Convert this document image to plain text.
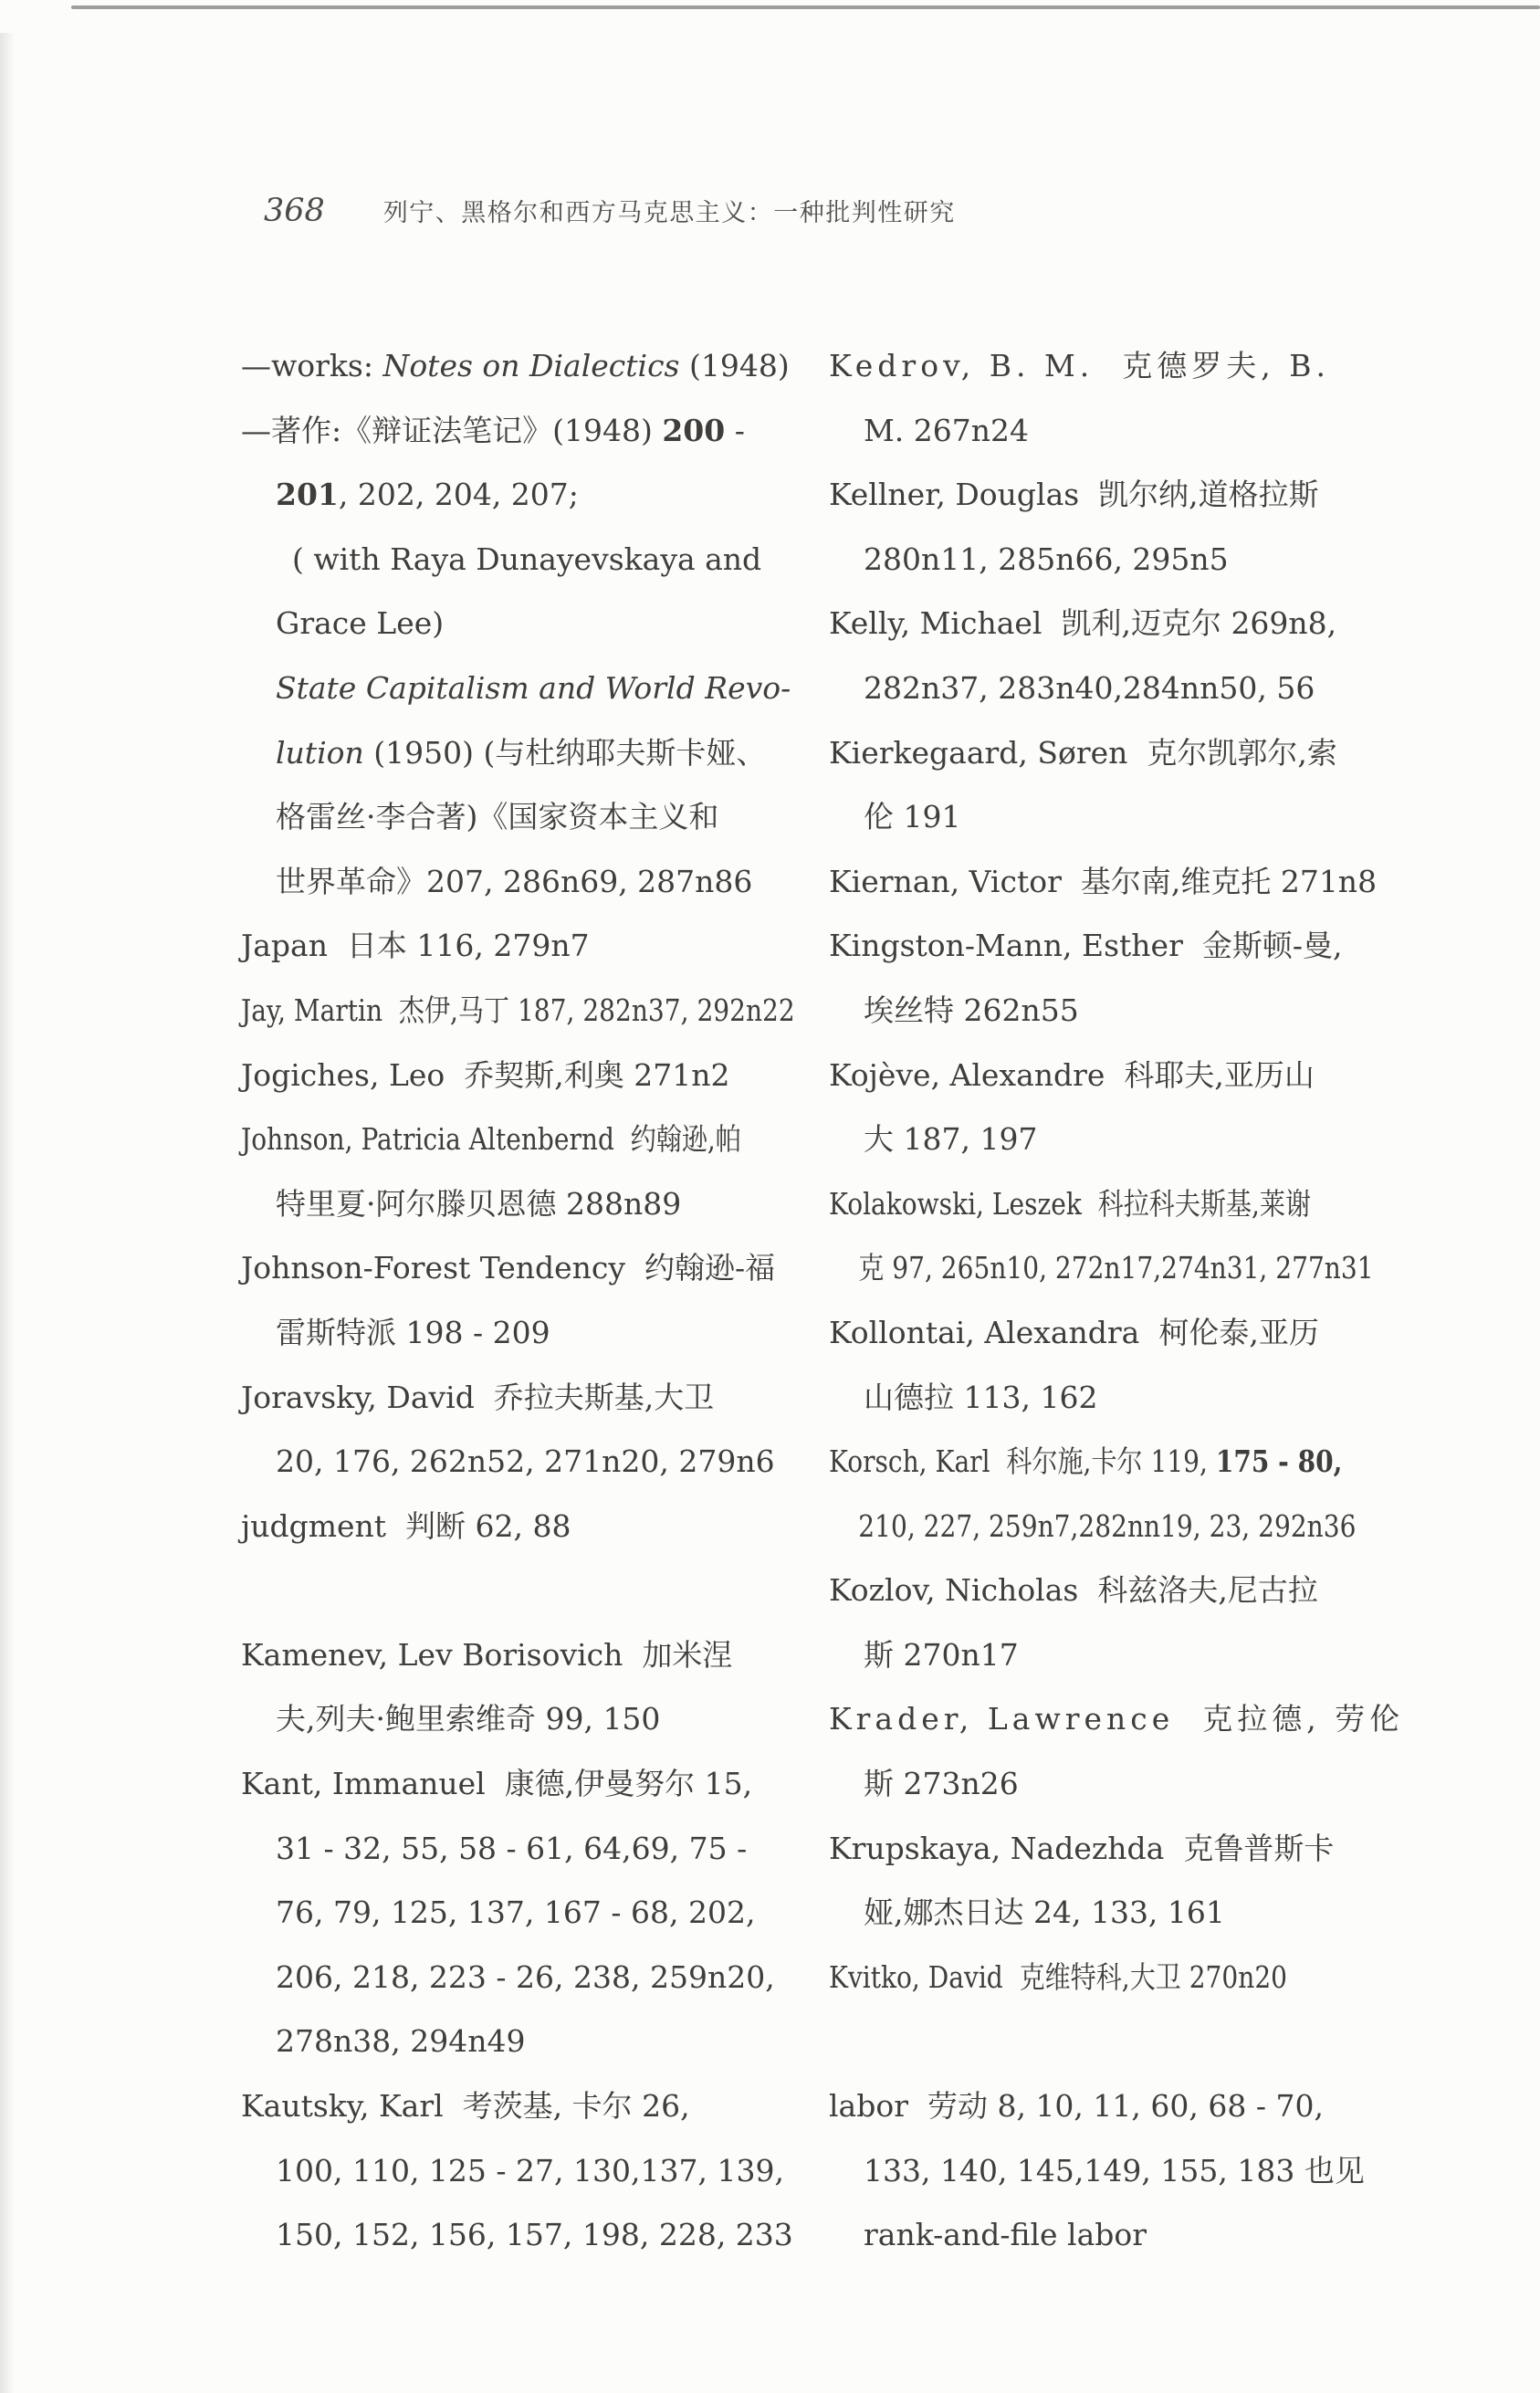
368 列宁、黑格尔和西方马克思主义：一种批判性研究
—works: Notes on Dialectics (1948)
—著作:《辩证法笔记》(1948) 200 -
201, 202, 204, 207;
( with Raya Dunayevskaya and
Grace Lee)
State Capitalism and World Revo-
lution (1950) (与杜纳耶夫斯卡娅、
格雷丝·李合著)《国家资本主义和
世界革命》207, 286n69, 287n86
Japan  日本 116, 279n7
Jay, Martin  杰伊,马丁 187, 282n37, 292n22
Jogiches, Leo  乔契斯,利奥 271n2
Johnson, Patricia Altenbernd  约翰逊,帕
特里夏·阿尔滕贝恩德 288n89
Johnson-Forest Tendency  约翰逊-福
雷斯特派 198 - 209
Joravsky, David  乔拉夫斯基,大卫
20, 176, 262n52, 271n20, 279n6
judgment  判断 62, 88
Kamenev, Lev Borisovich  加米涅
夫,列夫·鲍里索维奇 99, 150
Kant, Immanuel  康德,伊曼努尔 15,
31 - 32, 55, 58 - 61, 64,69, 75 -
76, 79, 125, 137, 167 - 68, 202,
206, 218, 223 - 26, 238, 259n20,
278n38, 294n49
Kautsky, Karl  考茨基, 卡尔 26,
100, 110, 125 - 27, 130,137, 139,
150, 152, 156, 157, 198, 228, 233
Kedrov, B. M.  克德罗夫, B.
M. 267n24
Kellner, Douglas  凯尔纳,道格拉斯
280n11, 285n66, 295n5
Kelly, Michael  凯利,迈克尔 269n8,
282n37, 283n40,284nn50, 56
Kierkegaard, Søren  克尔凯郭尔,索
伦 191
Kiernan, Victor  基尔南,维克托 271n8
Kingston-Mann, Esther  金斯顿-曼,
埃丝特 262n55
Kojève, Alexandre  科耶夫,亚历山
大 187, 197
Kolakowski, Leszek  科拉科夫斯基,莱谢
克 97, 265n10, 272n17,274n31, 277n31
Kollontai, Alexandra  柯伦泰,亚历
山德拉 113, 162
Korsch, Karl  科尔施,卡尔 119, 175 - 80,
210, 227, 259n7,282nn19, 23, 292n36
Kozlov, Nicholas  科兹洛夫,尼古拉
斯 270n17
Krader, Lawrence  克拉德, 劳伦
斯 273n26
Krupskaya, Nadezhda  克鲁普斯卡
娅,娜杰日达 24, 133, 161
Kvitko, David  克维特科,大卫 270n20
labor  劳动 8, 10, 11, 60, 68 - 70,
133, 140, 145,149, 155, 183 也见
rank-and-file labor
